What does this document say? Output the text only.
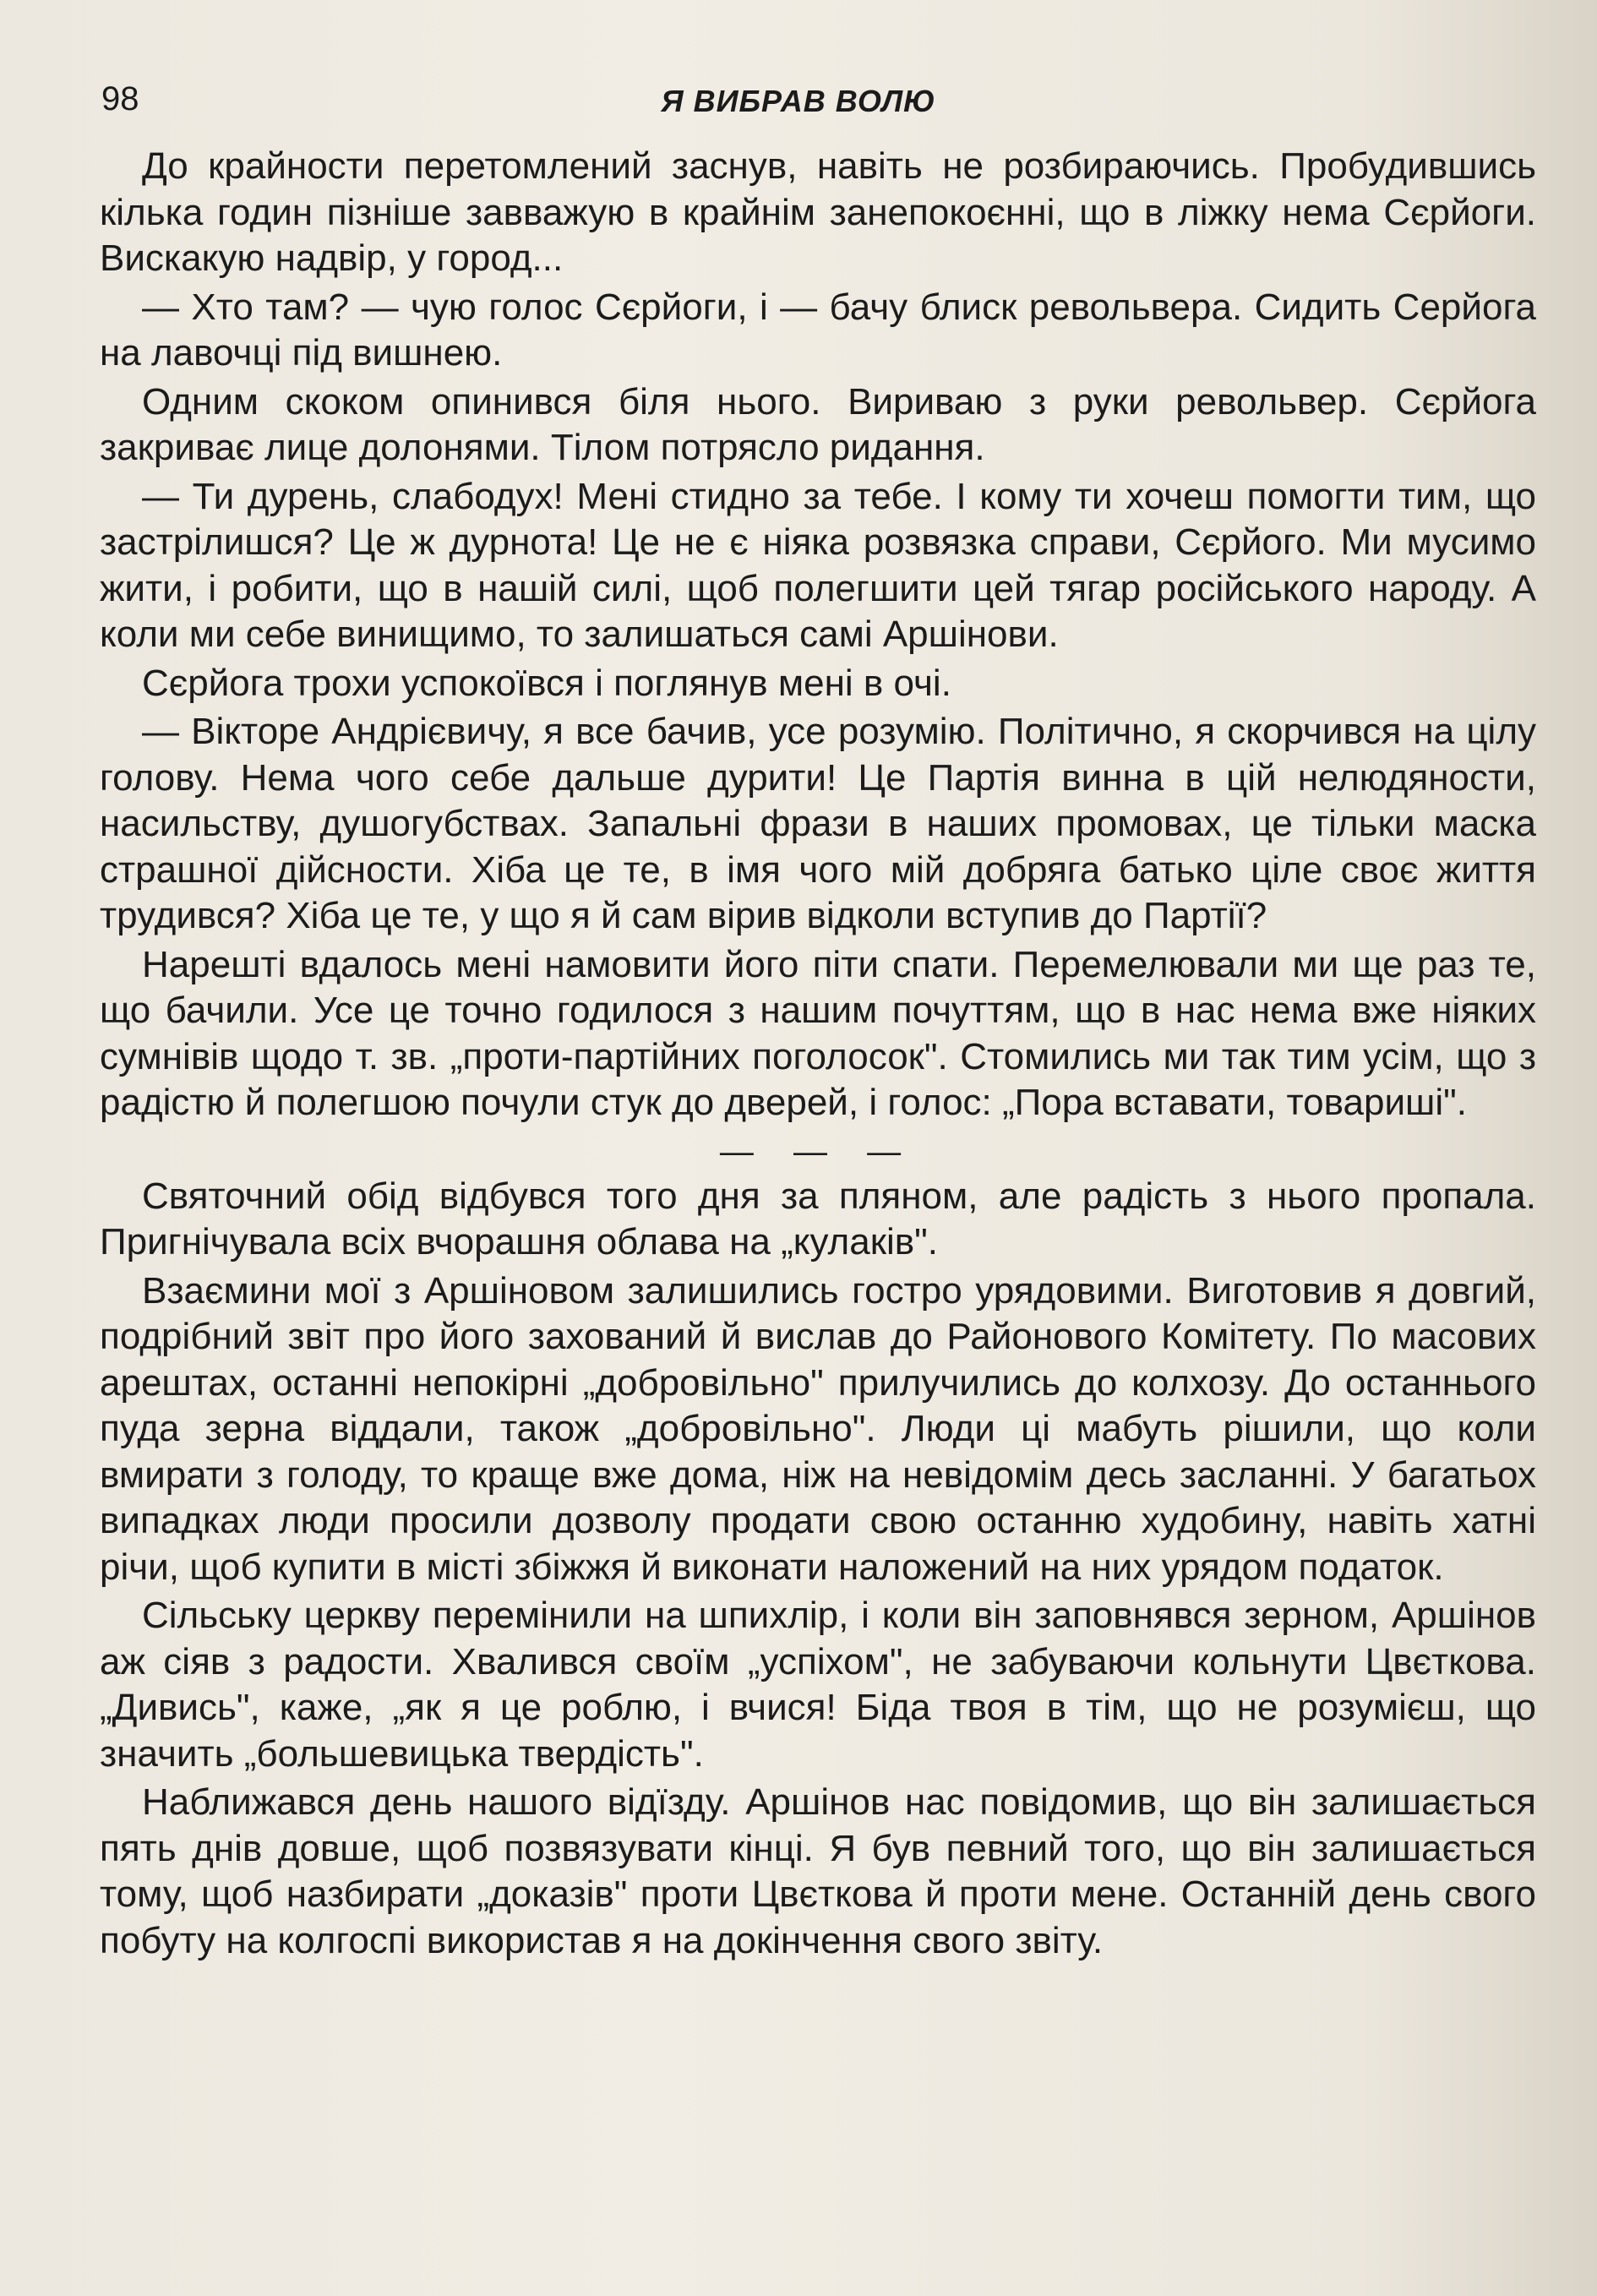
98	Я ВИБРАВ ВОЛЮ

До крайности перетомлений заснув, навіть не розбираючись. Пробудившись кілька годин пізніше завважую в крайнім занепокоєнні, що в ліжку нема Сєрйоги. Вискакую надвір, у город...

— Хто там? — чую голос Сєрйоги, і — бачу блиск револьвера. Сидить Серйога на лавочці під вишнею.

Одним скоком опинився біля нього. Вириваю з руки револьвер. Сєрйога закриває лице долонями. Тілом потрясло ридання.

— Ти дурень, слабодух! Мені стидно за тебе. І кому ти хочеш помогти тим, що застрілишся? Це ж дурнота! Це не є ніяка розвязка справи, Сєрйого. Ми мусимо жити, і робити, що в нашій силі, щоб полегшити цей тягар російського народу. А коли ми себе винищимо, то залишаться самі Аршінови.

Сєрйога трохи успокоївся і поглянув мені в очі.

— Вікторе Андрієвичу, я все бачив, усе розумію. Політично, я скорчився на цілу голову. Нема чого себе дальше дурити! Це Партія винна в цій нелюдяности, насильству, душогубствах. Запальні фрази в наших промовах, це тільки маска страшної дійсности. Хіба це те, в імя чого мій добряга батько ціле своє життя трудився? Хіба це те, у що я й сам вірив відколи вступив до Партії?

Нарешті вдалось мені намовити його піти спати. Перемелювали ми ще раз те, що бачили. Усе це точно годилося з нашим почуттям, що в нас нема вже ніяких сумнівів щодо т. зв. „проти-партійних поголосок". Стомились ми так тим усім, що з радістю й полегшою почули стук до дверей, і голос: „Пора вставати, товариші".

— — —

Святочний обід відбувся того дня за пляном, але радість з нього пропала. Пригнічувала всіх вчорашня облава на „кулаків".

Взаємини мої з Аршіновом залишились гостро урядовими. Виготовив я довгий, подрібний звіт про його захований й вислав до Районового Комітету. По масових арештах, останні непокірні „добровільно" прилучились до колхозу. До останнього пуда зерна віддали, також „добровільно". Люди ці мабуть рішили, що коли вмирати з голоду, то краще вже дома, ніж на невідомім десь засланні. У багатьох випадках люди просили дозволу продати свою останню худобину, навіть хатні річи, щоб купити в місті збіжжя й виконати наложений на них урядом податок.

Сільську церкву перемінили на шпихлір, і коли він заповнявся зерном, Аршінов аж сіяв з радости. Хвалився своїм „успіхом", не забуваючи кольнути Цвєткова. „Дивись", каже, „як я це роблю, і вчися! Біда твоя в тім, що не розумієш, що значить „большевицька твердість".

Наближався день нашого відїзду. Аршінов нас повідомив, що він залишається пять днів довше, щоб позвязувати кінці. Я був певний того, що він залишається тому, щоб назбирати „доказів" проти Цвєткова й проти мене. Останній день свого побуту на колгоспі використав я на докінчення свого звіту.
